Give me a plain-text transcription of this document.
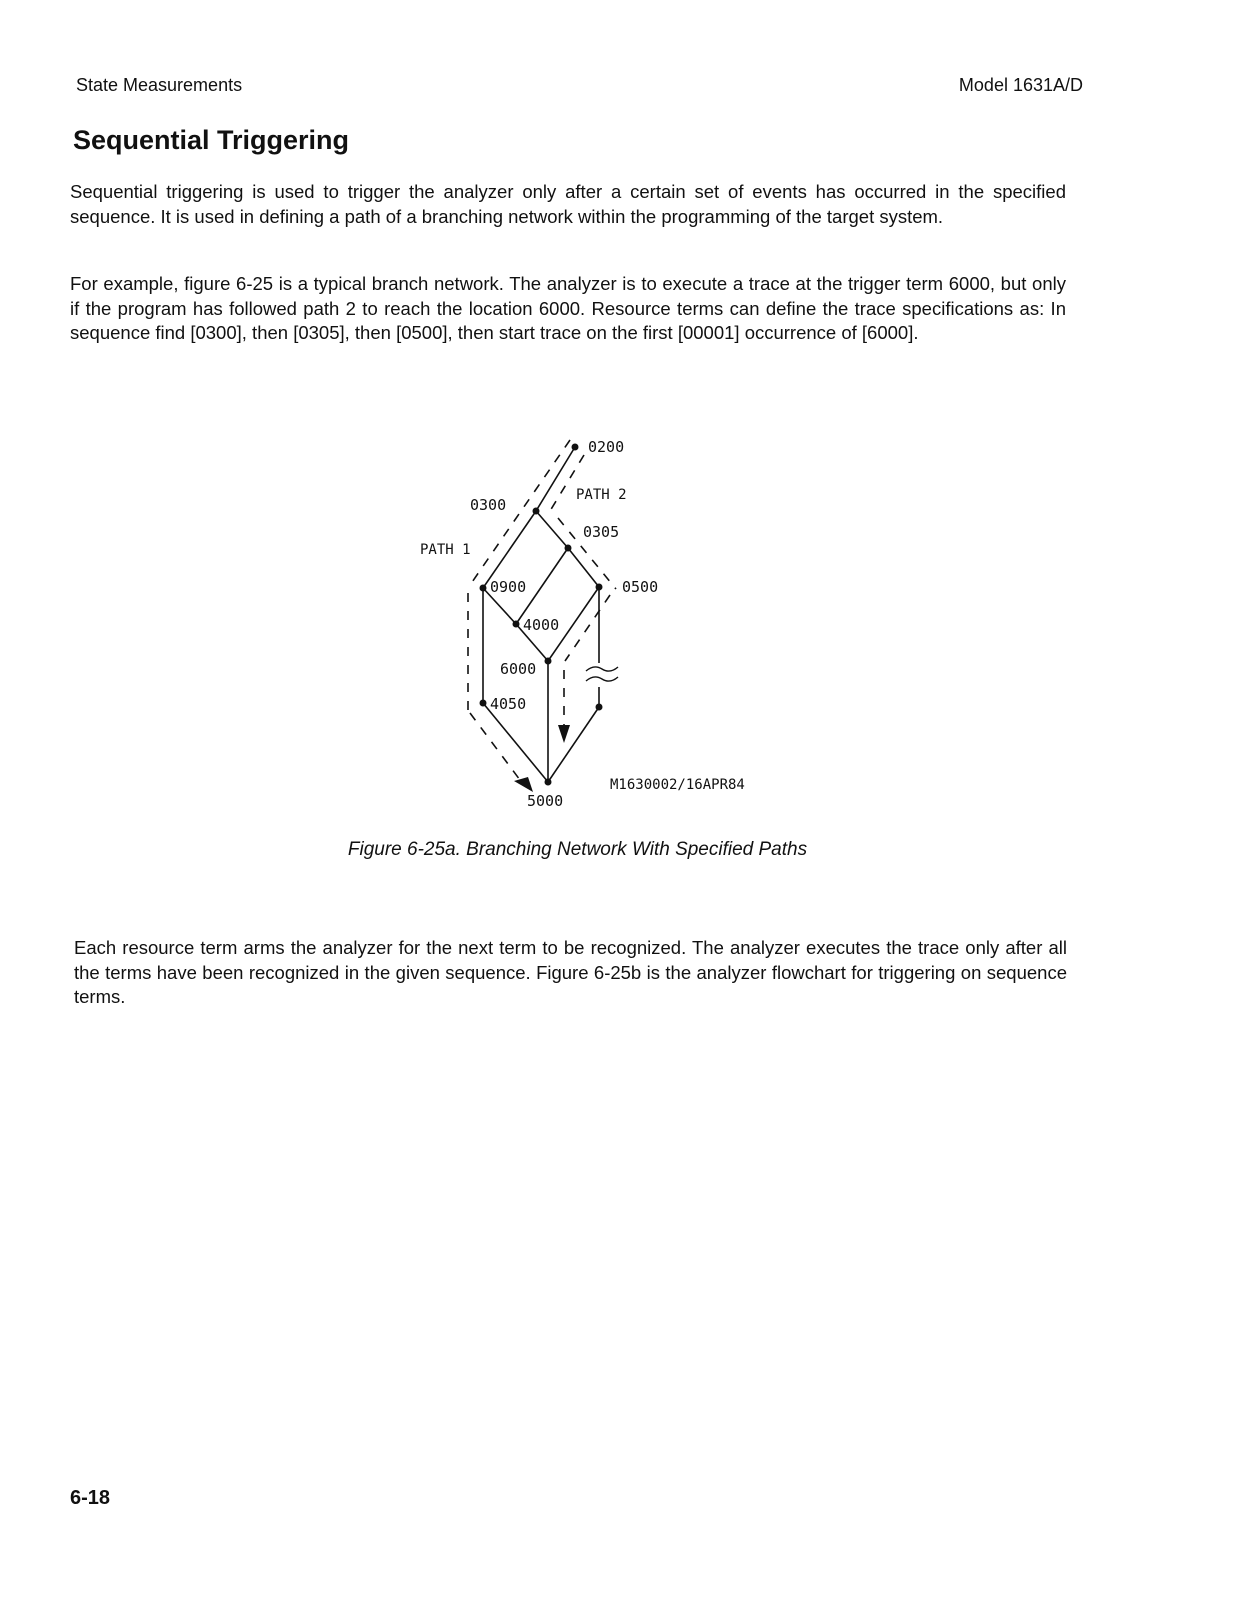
State Measurements	Model 1631A/D
Sequential Triggering

Sequential triggering is used to trigger the analyzer only after a certain set of events has occurred in the specified sequence. It is used in defining a path of a branching network within the programming of the target system.

For example, figure 6-25 is a typical branch network. The analyzer is to execute a trace at the trigger term 6000, but only if the program has followed path 2 to reach the location 6000. Resource terms can define the trace specifications as: In sequence find [0300], then [0305], then [0500], then start trace on the first [00001] occurrence of [6000].

0200
0300
0305
0900	0500
4000
6000
4050
5000
PATH 1
PATH 2
M1630002/16APR84
Figure 6-25a. Branching Network With Specified Paths

Each resource term arms the analyzer for the next term to be recognized. The analyzer executes the trace only after all the terms have been recognized in the given sequence. Figure 6-25b is the analyzer flowchart for triggering on sequence terms.

6-18
